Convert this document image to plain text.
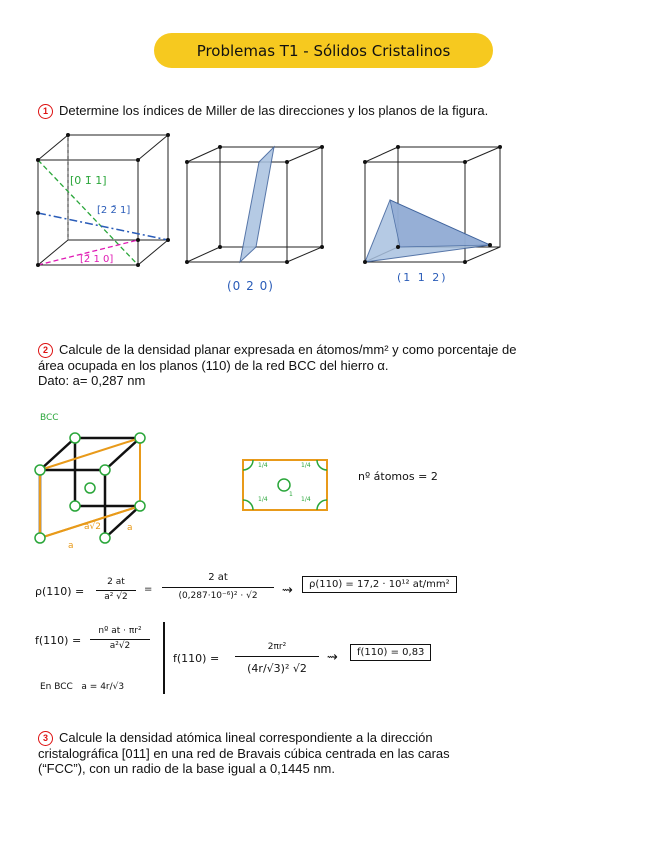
Problemas T1 - Sólidos Cristalinos
1 Determine los índices de Miller de las direcciones y los planos de la figura.
[0 1̄ 1]
[2 2̄ 1]
[2̄ 1 0]
(0 2 0)
(1 1 2)
2 Calcule de la densidad planar expresada en átomos/mm² y como porcentaje de
área ocupada en los planos (110) de la red BCC del hierro α.
Dato: a= 0,287 nm
BCC
a√2	a
a
1/4	1/4
1/4	1/4
1
nº átomos = 2
ρ(110) =
2 at
a² √2
=
2 at
(0,287·10⁻⁶)² · √2	⇝	ρ(110) = 17,2 · 10¹² at/mm²
f(110) =
nº at · πr²
a²√2
En BCC   a = 4r/√3
f(110) =
2πr²
(4r/√3)² √2
⇝	f(110) = 0,83
3 Calcule la densidad atómica lineal correspondiente a la dirección
cristalográfica [011] en una red de Bravais cúbica centrada en las caras
(“FCC”), con un radio de la base igual a 0,1445 nm.
